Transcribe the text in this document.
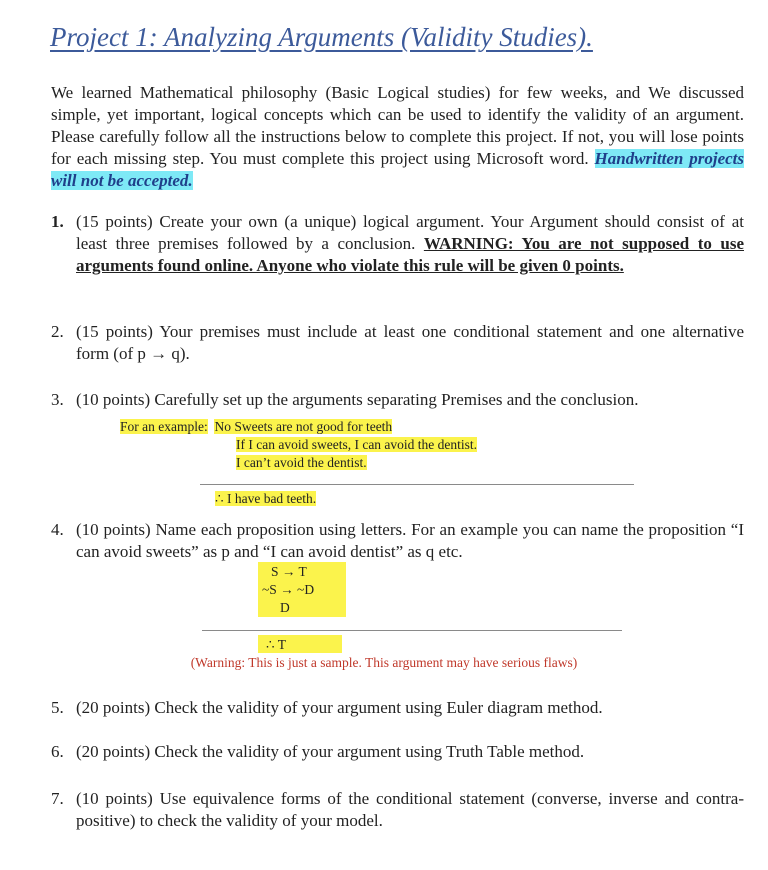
Project 1: Analyzing Arguments (Validity Studies).
We learned Mathematical philosophy (Basic Logical studies) for few weeks, and We discussed simple, yet important, logical concepts which can be used to identify the validity of an argument. Please carefully follow all the instructions below to complete this project. If not, you will lose points for each missing step. You must complete this project using Microsoft word. Handwritten projects will not be accepted.
1. (15 points) Create your own (a unique) logical argument. Your Argument should consist of at least three premises followed by a conclusion. WARNING: You are not supposed to use arguments found online. Anyone who violate this rule will be given 0 points.
2. (15 points) Your premises must include at least one conditional statement and one alternative form (of p → q).
3. (10 points) Carefully set up the arguments separating Premises and the conclusion.
For an example: No Sweets are not good for teeth
If I can avoid sweets, I can avoid the dentist.
I can’t avoid the dentist.
∴ I have bad teeth.
4. (10 points) Name each proposition using letters. For an example you can name the proposition “I can avoid sweets” as p and “I can avoid dentist” as q etc.
S → T
~S → ~D
D
∴ T
(Warning: This is just a sample. This argument may have serious flaws)
5. (20 points) Check the validity of your argument using Euler diagram method.
6. (20 points) Check the validity of your argument using Truth Table method.
7. (10 points) Use equivalence forms of the conditional statement (converse, inverse and contra-positive) to check the validity of your model.
